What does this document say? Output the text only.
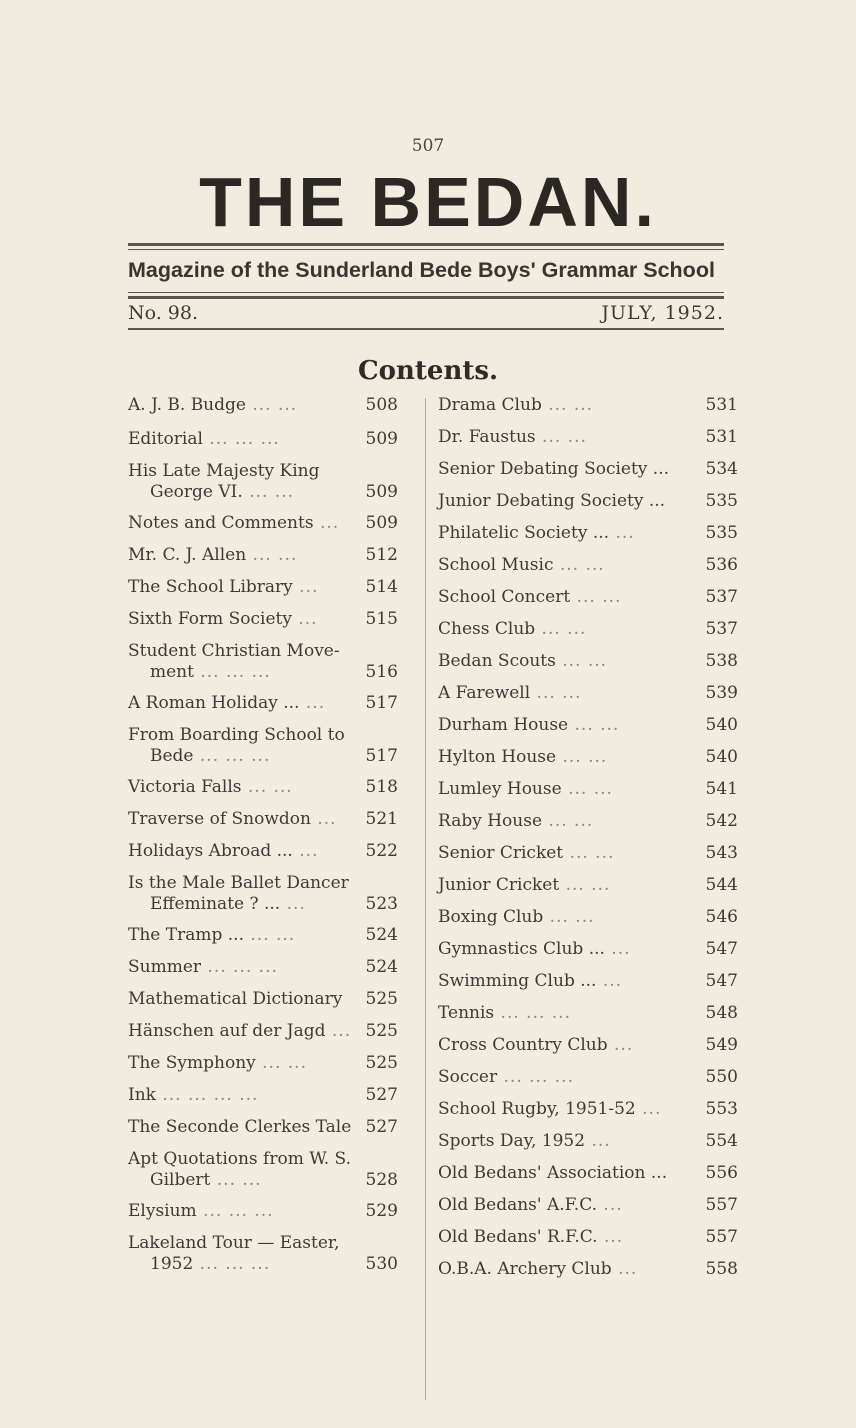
507
THE BEDAN.
Magazine of the Sunderland Bede Boys' Grammar School
No. 98.	JULY, 1952.
Contents.
A. J. B. Budge ... ...	508
Editorial ... ... ...	509
His Late Majesty King
George VI. ... ...	509
Notes and Comments ...	509
Mr. C. J. Allen ... ...	512
The School Library ...	514
Sixth Form Society ...	515
Student Christian Move-
ment ... ... ...	516
A Roman Holiday ... ...	517
From Boarding School to
Bede ... ... ...	517
Victoria Falls ... ...	518
Traverse of Snowdon ...	521
Holidays Abroad ... ...	522
Is the Male Ballet Dancer
Effeminate ? ... ...	523
The Tramp ... ... ...	524
Summer ... ... ...	524
Mathematical Dictionary	525
Hänschen auf der Jagd ... 525
The Symphony ... ...	525
Ink ... ... ... ...	527
The Seconde Clerkes Tale 527
Apt Quotations from W. S.
Gilbert ... ...	528
Elysium ... ... ...	529
Lakeland Tour — Easter,
1952 ... ... ...	530
Drama Club ... ...	531
Dr. Faustus ... ...	531
Senior Debating Society ...	534
Junior Debating Society ...	535
Philatelic Society ... ...	535
School Music ... ...	536
School Concert ... ...	537
Chess Club ... ...	537
Bedan Scouts ... ...	538
A Farewell ... ...	539
Durham House ... ...	540
Hylton House ... ...	540
Lumley House ... ...	541
Raby House ... ...	542
Senior Cricket ... ...	543
Junior Cricket ... ...	544
Boxing Club ... ...	546
Gymnastics Club ... ...	547
Swimming Club ... ...	547
Tennis ... ... ...	548
Cross Country Club ...	549
Soccer ... ... ...	550
School Rugby, 1951-52 ...	553
Sports Day, 1952 ...	554
Old Bedans' Association ...	556
Old Bedans' A.F.C. ...	557
Old Bedans' R.F.C. ...	557
O.B.A. Archery Club ...	558
